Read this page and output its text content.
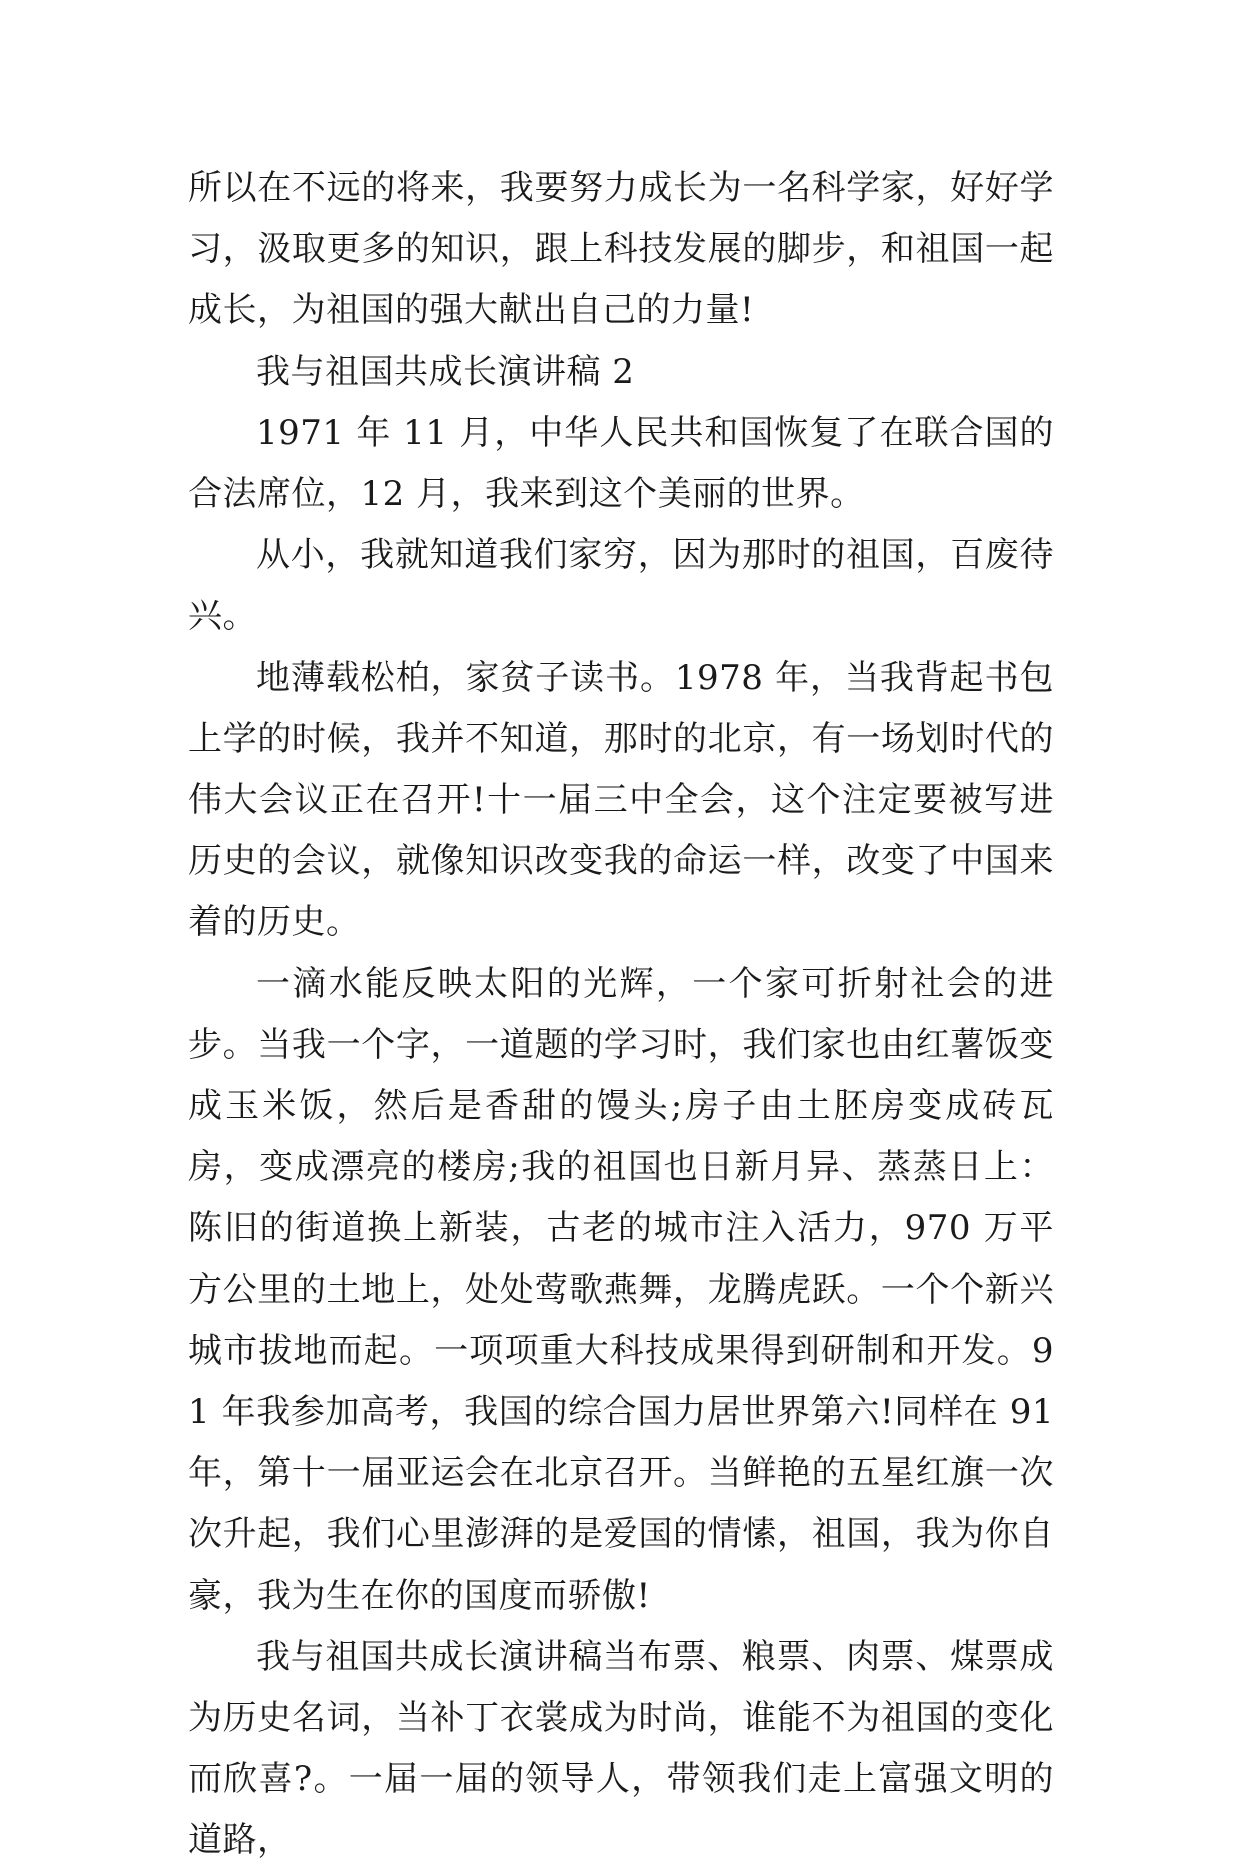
所以在不远的将来，我要努力成长为一名科学家，好好学习，汲取更多的知识，跟上科技发展的脚步，和祖国一起成长，为祖国的强大献出自己的力量!

我与祖国共成长演讲稿 2

1971 年 11 月，中华人民共和国恢复了在联合国的合法席位，12 月，我来到这个美丽的世界。

从小，我就知道我们家穷，因为那时的祖国，百废待兴。

地薄载松柏，家贫子读书。1978 年，当我背起书包上学的时候，我并不知道，那时的北京，有一场划时代的伟大会议正在召开!十一届三中全会，这个注定要被写进历史的会议，就像知识改变我的命运一样，改变了中国来着的历史。

一滴水能反映太阳的光辉，一个家可折射社会的进步。当我一个字，一道题的学习时，我们家也由红薯饭变成玉米饭，然后是香甜的馒头;房子由土胚房变成砖瓦房，变成漂亮的楼房;我的祖国也日新月异、蒸蒸日上：陈旧的街道换上新装，古老的城市注入活力，970 万平方公里的土地上，处处莺歌燕舞，龙腾虎跃。一个个新兴城市拔地而起。一项项重大科技成果得到研制和开发。91 年我参加高考，我国的综合国力居世界第六!同样在 91 年，第十一届亚运会在北京召开。当鲜艳的五星红旗一次次升起，我们心里澎湃的是爱国的情愫，祖国，我为你自豪，我为生在你的国度而骄傲!

我与祖国共成长演讲稿当布票、粮票、肉票、煤票成为历史名词，当补丁衣裳成为时尚，谁能不为祖国的变化而欣喜?。一届一届的领导人，带领我们走上富强文明的道路，
